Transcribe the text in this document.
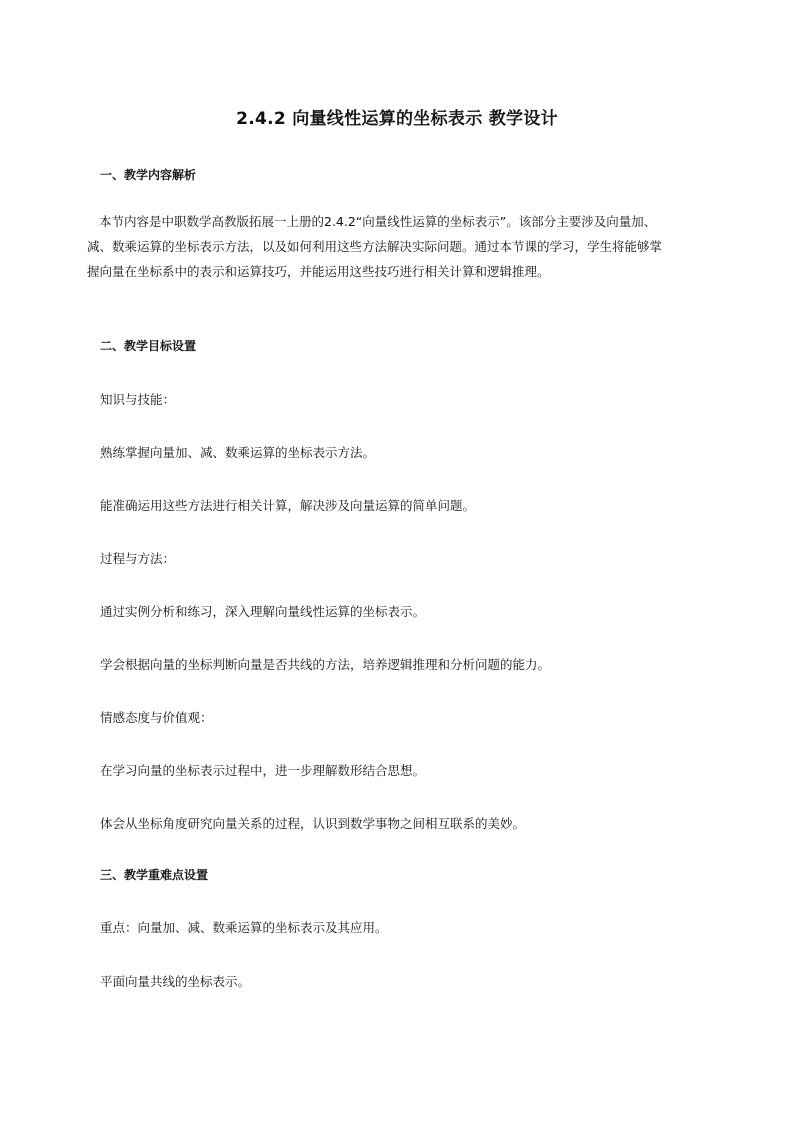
2.4.2 向量线性运算的坐标表示 教学设计
一、教学内容解析
本节内容是中职数学高教版拓展一上册的2.4.2“向量线性运算的坐标表示”。该部分主要涉及向量加、
减、数乘运算的坐标表示方法，以及如何利用这些方法解决实际问题。通过本节课的学习，学生将能够掌
握向量在坐标系中的表示和运算技巧，并能运用这些技巧进行相关计算和逻辑推理。
二、教学目标设置
知识与技能：
熟练掌握向量加、减、数乘运算的坐标表示方法。
能准确运用这些方法进行相关计算，解决涉及向量运算的简单问题。
过程与方法：
通过实例分析和练习，深入理解向量线性运算的坐标表示。
学会根据向量的坐标判断向量是否共线的方法，培养逻辑推理和分析问题的能力。
情感态度与价值观：
在学习向量的坐标表示过程中，进一步理解数形结合思想。
体会从坐标角度研究向量关系的过程，认识到数学事物之间相互联系的美妙。
三、教学重难点设置
重点：向量加、减、数乘运算的坐标表示及其应用。
平面向量共线的坐标表示。
